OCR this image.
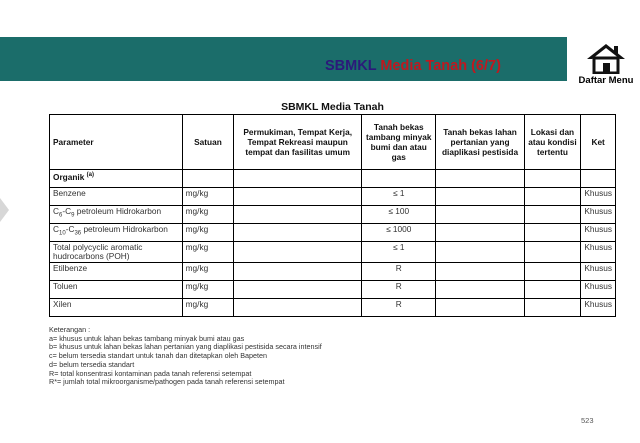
SBMKL Media Tanah (6/7)
Daftar Menu
SBMKL Media Tanah
Parameter	Satuan	Permukiman, Tempat Kerja, Tempat Rekreasi maupun tempat dan fasilitas umum	Tanah bekas tambang minyak bumi dan atau gas	Tanah bekas lahan pertanian yang diaplikasi pestisida	Lokasi dan atau kondisi tertentu	Ket
Organik $^{(a)}$						
Benzene	mg/kg		≤ 1			Khusus
$C_6-C_9$ petroleum Hidrokarbon	mg/kg		≤ 100			Khusus
$C_{10}-C_{36}$ petroleum Hidrokarbon	mg/kg		≤ 1000			Khusus
Total polycyclic aromatic hudrocarbons (POH)	mg/kg		≤ 1			Khusus
Etilbenze	mg/kg		R			Khusus
Toluen	mg/kg		R			Khusus
Xilen	mg/kg		R			Khusus
Keterangan :
a= khusus untuk lahan bekas tambang minyak bumi atau gas
b= khusus untuk lahan bekas lahan pertanian yang diaplikasi pestisida secara intensif
c= belum tersedia standart untuk tanah dan ditetapkan oleh Bapeten
d= belum tersedia standart
R= total konsentrasi kontaminan pada tanah referensi setempat
R*= jumlah total mikroorganisme/pathogen pada tanah referensi setempat
523
